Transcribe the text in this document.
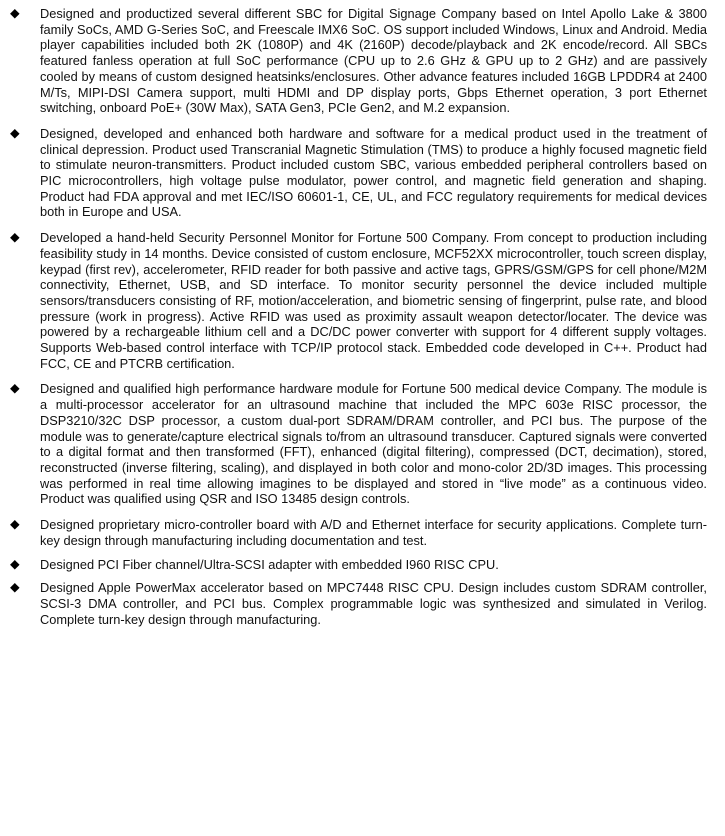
◆	Designed and productized several different SBC for Digital Signage Company based on Intel Apollo Lake & 3800 family SoCs, AMD G-Series SoC, and Freescale IMX6 SoC. OS support included Windows, Linux and Android. Media player capabilities included both 2K (1080P) and 4K (2160P) decode/playback and 2K encode/record. All SBCs featured fanless operation at full SoC performance (CPU up to 2.6 GHz & GPU up to 2 GHz) and are passively cooled by means of custom designed heatsinks/enclosures. Other advance features included 16GB LPDDR4 at 2400 M/Ts, MIPI-DSI Camera support, multi HDMI and DP display ports, Gbps Ethernet operation, 3 port Ethernet switching, onboard PoE+ (30W Max), SATA Gen3, PCIe Gen2, and M.2 expansion.
◆	Designed, developed and enhanced both hardware and software for a medical product used in the treatment of clinical depression. Product used Transcranial Magnetic Stimulation (TMS) to produce a highly focused magnetic field to stimulate neuron-transmitters. Product included custom SBC, various embedded peripheral controllers based on PIC microcontrollers, high voltage pulse modulator, power control, and magnetic field generation and shaping. Product had FDA approval and met IEC/ISO 60601-1, CE, UL, and FCC regulatory requirements for medical devices both in Europe and USA.
◆	Developed a hand-held Security Personnel Monitor for Fortune 500 Company. From concept to production including feasibility study in 14 months. Device consisted of custom enclosure, MCF52XX microcontroller, touch screen display, keypad (first rev), accelerometer, RFID reader for both passive and active tags, GPRS/GSM/GPS for cell phone/M2M connectivity, Ethernet, USB, and SD interface. To monitor security personnel the device included multiple sensors/transducers consisting of RF, motion/acceleration, and biometric sensing of fingerprint, pulse rate, and blood pressure (work in progress). Active RFID was used as proximity assault weapon detector/locater. The device was powered by a rechargeable lithium cell and a DC/DC power converter with support for 4 different supply voltages. Supports Web-based control interface with TCP/IP protocol stack. Embedded code developed in C++. Product had FCC, CE and PTCRB certification.
◆	Designed and qualified high performance hardware module for Fortune 500 medical device Company. The module is a multi-processor accelerator for an ultrasound machine that included the MPC 603e RISC processor, the DSP3210/32C DSP processor, a custom dual-port SDRAM/DRAM controller, and PCI bus. The purpose of the module was to generate/capture electrical signals to/from an ultrasound transducer. Captured signals were converted to a digital format and then transformed (FFT), enhanced (digital filtering), compressed (DCT, decimation), stored, reconstructed (inverse filtering, scaling), and displayed in both color and mono-color 2D/3D images. This processing was performed in real time allowing imagines to be displayed and stored in “live mode” as a continuous video. Product was qualified using QSR and ISO 13485 design controls.
◆	Designed proprietary micro-controller board with A/D and Ethernet interface for security applications. Complete turn-key design through manufacturing including documentation and test.
◆	Designed PCI Fiber channel/Ultra-SCSI adapter with embedded I960 RISC CPU.
◆	Designed Apple PowerMax accelerator based on MPC7448 RISC CPU. Design includes custom SDRAM controller, SCSI-3 DMA controller, and PCI bus. Complex programmable logic was synthesized and simulated in Verilog. Complete turn-key design through manufacturing.
